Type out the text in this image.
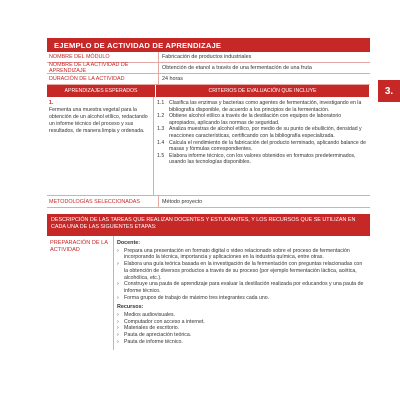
3.
EJEMPLO DE ACTIVIDAD DE APRENDIZAJE
NOMBRE DEL MÓDULO	Fabricación de productos industriales
NOMBRE DE LA ACTIVIDAD DE APRENDIZAJE	Obtención de etanol a través de una fermentación de una fruta
DURACIÓN DE LA ACTIVIDAD	24 horas
APRENDIZAJES ESPERADOS	CRITERIOS DE EVALUACIÓN QUE INCLUYE
1.
Fermenta una muestra vegetal para la obtención de un alcohol etílico, redactando un informe técnico del proceso y sus resultados, de manera limpia y ordenada.
1.1 Clasifica las enzimas y bacterias como agentes de fermentación, investigando en la bibliografía disponible, de acuerdo a los principios de la fermentación.
1.2 Obtiene alcohol etílico a través de la destilación con equipos de laboratorio apropiados, aplicando las normas de seguridad.
1.3 Analiza muestras de alcohol etílico, por medio de su punto de ebullición, densidad y reacciones características, certificando con la bibliografía especializada.
1.4 Calcula el rendimiento de la fabricación del producto terminado, aplicando balance de masas y fórmulas correspondientes.
1.5 Elabora informe técnico, con los valores obtenidos en formatos predeterminados, usando las tecnologías disponibles.
METODOLOGÍAS SELECCIONADAS	Método proyecto
DESCRIPCIÓN DE LAS TAREAS QUE REALIZAN DOCENTES Y ESTUDIANTES, Y LOS RECURSOS QUE SE UTILIZAN EN CADA UNA DE LAS SIGUIENTES ETAPAS:
PREPARACIÓN DE LA ACTIVIDAD
Docente:
›	Prepara una presentación en formato digital o video relacionado sobre el proceso de fermentación incorporando la técnica, importancia y aplicaciones en la industria química, entre otras.
›	Elabora una guía teórica basada en la investigación de la fermentación con preguntas relacionadas con la obtención de diversos productos a través de su proceso (por ejemplo fermentación láctica, acética, alcohólica, etc.).
›	Construye una pauta de aprendizaje para evaluar la destilación realizada por educandos y una pauta de informe técnico.
›	Forma grupos de trabajo de máximo tres integrantes cada uno.
Recursos:
›	Medios audiovisuales.
›	Computador con acceso a internet.
›	Materiales de escritorio.
›	Pauta de apreciación teórica.
›	Pauta de informe técnico.
